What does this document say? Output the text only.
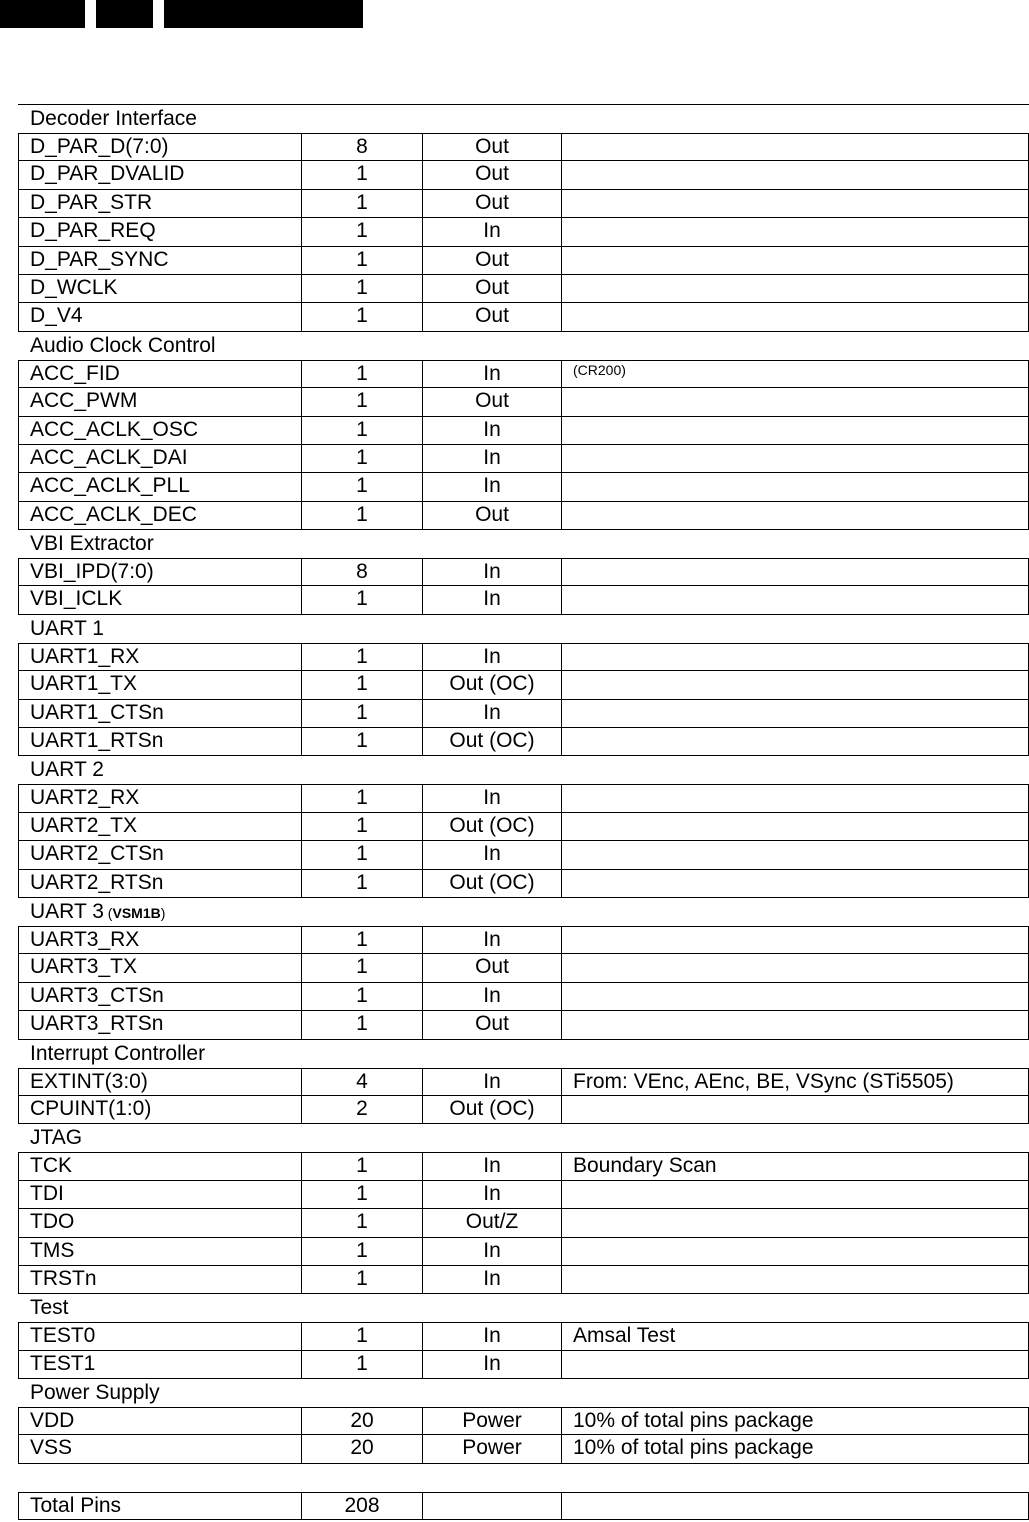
Decoder Interface
D_PAR_D(7:0)	8	Out
D_PAR_DVALID	1	Out
D_PAR_STR	1	Out
D_PAR_REQ	1	In
D_PAR_SYNC	1	Out
D_WCLK	1	Out
D_V4	1	Out
Audio Clock Control
ACC_FID	1	In	(CR200)
ACC_PWM	1	Out
ACC_ACLK_OSC	1	In
ACC_ACLK_DAI	1	In
ACC_ACLK_PLL	1	In
ACC_ACLK_DEC	1	Out
VBI Extractor
VBI_IPD(7:0)	8	In
VBI_ICLK	1	In
UART 1
UART1_RX	1	In
UART1_TX	1	Out (OC)
UART1_CTSn	1	In
UART1_RTSn	1	Out (OC)
UART 2
UART2_RX	1	In
UART2_TX	1	Out (OC)
UART2_CTSn	1	In
UART2_RTSn	1	Out (OC)
UART 3 (VSM1B)
UART3_RX	1	In
UART3_TX	1	Out
UART3_CTSn	1	In
UART3_RTSn	1	Out
Interrupt Controller
EXTINT(3:0)	4	In	From: VEnc, AEnc, BE, VSync (STi5505)
CPUINT(1:0)	2	Out (OC)
JTAG
TCK	1	In	Boundary Scan
TDI	1	In
TDO	1	Out/Z
TMS	1	In
TRSTn	1	In
Test
TEST0	1	In	Amsal Test
TEST1	1	In
Power Supply
VDD	20	Power	10% of total pins package
VSS	20	Power	10% of total pins package
Total Pins	208
